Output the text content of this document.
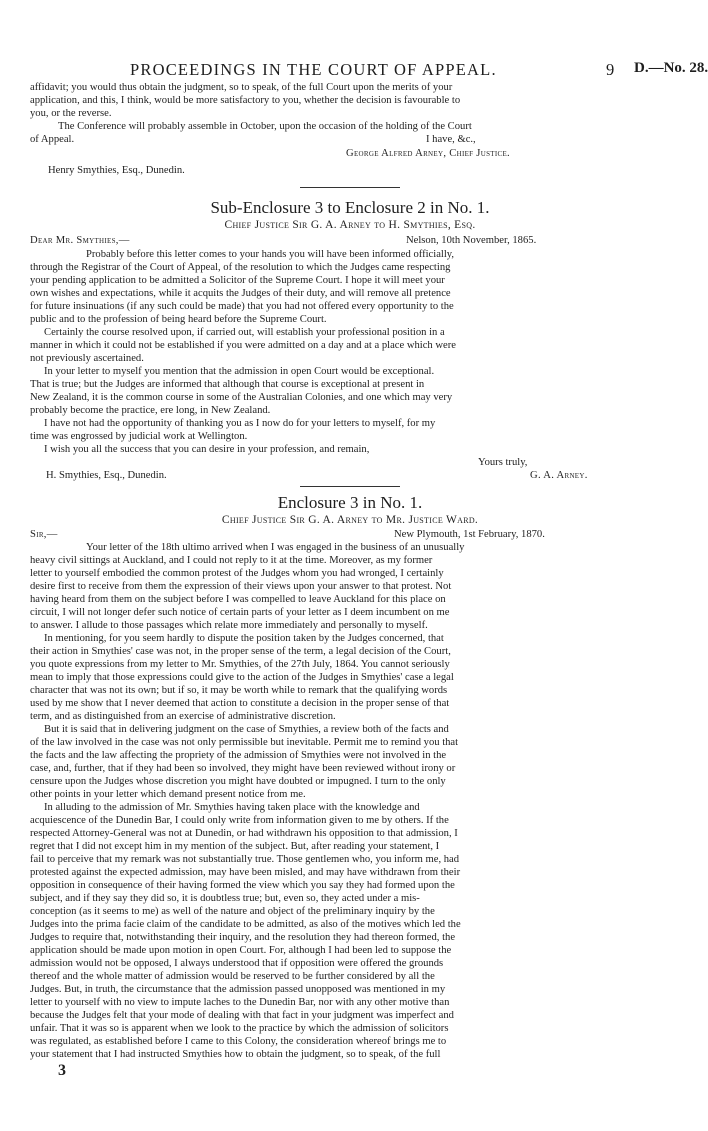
PROCEEDINGS IN THE COURT OF APPEAL.	9 D.—No. 28.
affidavit; you would thus obtain the judgment, so to speak, of the full Court upon the merits of your
application, and this, I think, would be more satisfactory to you, whether the decision is favourable to
you, or the reverse.
The Conference will probably assemble in October, upon the occasion of the holding of the Court
of Appeal.	I have, &c.,
George Alfred Arney, Chief Justice.
Henry Smythies, Esq., Dunedin.
Sub-Enclosure 3 to Enclosure 2 in No. 1.
Chief Justice Sir G. A. Arney to H. Smythies, Esq.
Dear Mr. Smythies,—	Nelson, 10th November, 1865.
Probably before this letter comes to your hands you will have been informed officially,
through the Registrar of the Court of Appeal, of the resolution to which the Judges came respecting
your pending application to be admitted a Solicitor of the Supreme Court. I hope it will meet your
own wishes and expectations, while it acquits the Judges of their duty, and will remove all pretence
for future insinuations (if any such could be made) that you had not offered every opportunity to the
public and to the profession of being heard before the Supreme Court.
Certainly the course resolved upon, if carried out, will establish your professional position in a
manner in which it could not be established if you were admitted on a day and at a place which were
not previously ascertained.
In your letter to myself you mention that the admission in open Court would be exceptional.
That is true; but the Judges are informed that although that course is exceptional at present in
New Zealand, it is the common course in some of the Australian Colonies, and one which may very
probably become the practice, ere long, in New Zealand.
I have not had the opportunity of thanking you as I now do for your letters to myself, for my
time was engrossed by judicial work at Wellington.
I wish you all the success that you can desire in your profession, and remain,
Yours truly,
H. Smythies, Esq., Dunedin.	G. A. Arney.
Enclosure 3 in No. 1.
Chief Justice Sir G. A. Arney to Mr. Justice Ward.
Sir,—	New Plymouth, 1st February, 1870.
Your letter of the 18th ultimo arrived when I was engaged in the business of an unusually
heavy civil sittings at Auckland, and I could not reply to it at the time. Moreover, as my former
letter to yourself embodied the common protest of the Judges whom you had wronged, I certainly
desire first to receive from them the expression of their views upon your answer to that protest. Not
having heard from them on the subject before I was compelled to leave Auckland for this place on
circuit, I will not longer defer such notice of certain parts of your letter as I deem incumbent on me
to answer. I allude to those passages which relate more immediately and personally to myself.
In mentioning, for you seem hardly to dispute the position taken by the Judges concerned, that
their action in Smythies' case was not, in the proper sense of the term, a legal decision of the Court,
you quote expressions from my letter to Mr. Smythies, of the 27th July, 1864. You cannot seriously
mean to imply that those expressions could give to the action of the Judges in Smythies' case a legal
character that was not its own; but if so, it may be worth while to remark that the qualifying words
used by me show that I never deemed that action to constitute a decision in the proper sense of that
term, and as distinguished from an exercise of administrative discretion.
But it is said that in delivering judgment on the case of Smythies, a review both of the facts and
of the law involved in the case was not only permissible but inevitable. Permit me to remind you that
the facts and the law affecting the propriety of the admission of Smythies were not involved in the
case, and, further, that if they had been so involved, they might have been reviewed without irony or
censure upon the Judges whose discretion you might have doubted or impugned. I turn to the only
other points in your letter which demand present notice from me.
In alluding to the admission of Mr. Smythies having taken place with the knowledge and
acquiescence of the Dunedin Bar, I could only write from information given to me by others. If the
respected Attorney-General was not at Dunedin, or had withdrawn his opposition to that admission, I
regret that I did not except him in my mention of the subject. But, after reading your statement, I
fail to perceive that my remark was not substantially true. Those gentlemen who, you inform me, had
protested against the expected admission, may have been misled, and may have withdrawn from their
opposition in consequence of their having formed the view which you say they had formed upon the
subject, and if they say they did so, it is doubtless true; but, even so, they acted under a mis-
conception (as it seems to me) as well of the nature and object of the preliminary inquiry by the
Judges into the prima facie claim of the candidate to be admitted, as also of the motives which led the
Judges to require that, notwithstanding their inquiry, and the resolution they had thereon formed, the
application should be made upon motion in open Court. For, although I had been led to suppose the
admission would not be opposed, I always understood that if opposition were offered the grounds
thereof and the whole matter of admission would be reserved to be further considered by all the
Judges. But, in truth, the circumstance that the admission passed unopposed was mentioned in my
letter to yourself with no view to impute laches to the Dunedin Bar, nor with any other motive than
because the Judges felt that your mode of dealing with that fact in your judgment was imperfect and
unfair. That it was so is apparent when we look to the practice by which the admission of solicitors
was regulated, as established before I came to this Colony, the consideration whereof brings me to
your statement that I had instructed Smythies how to obtain the judgment, so to speak, of the full
3
